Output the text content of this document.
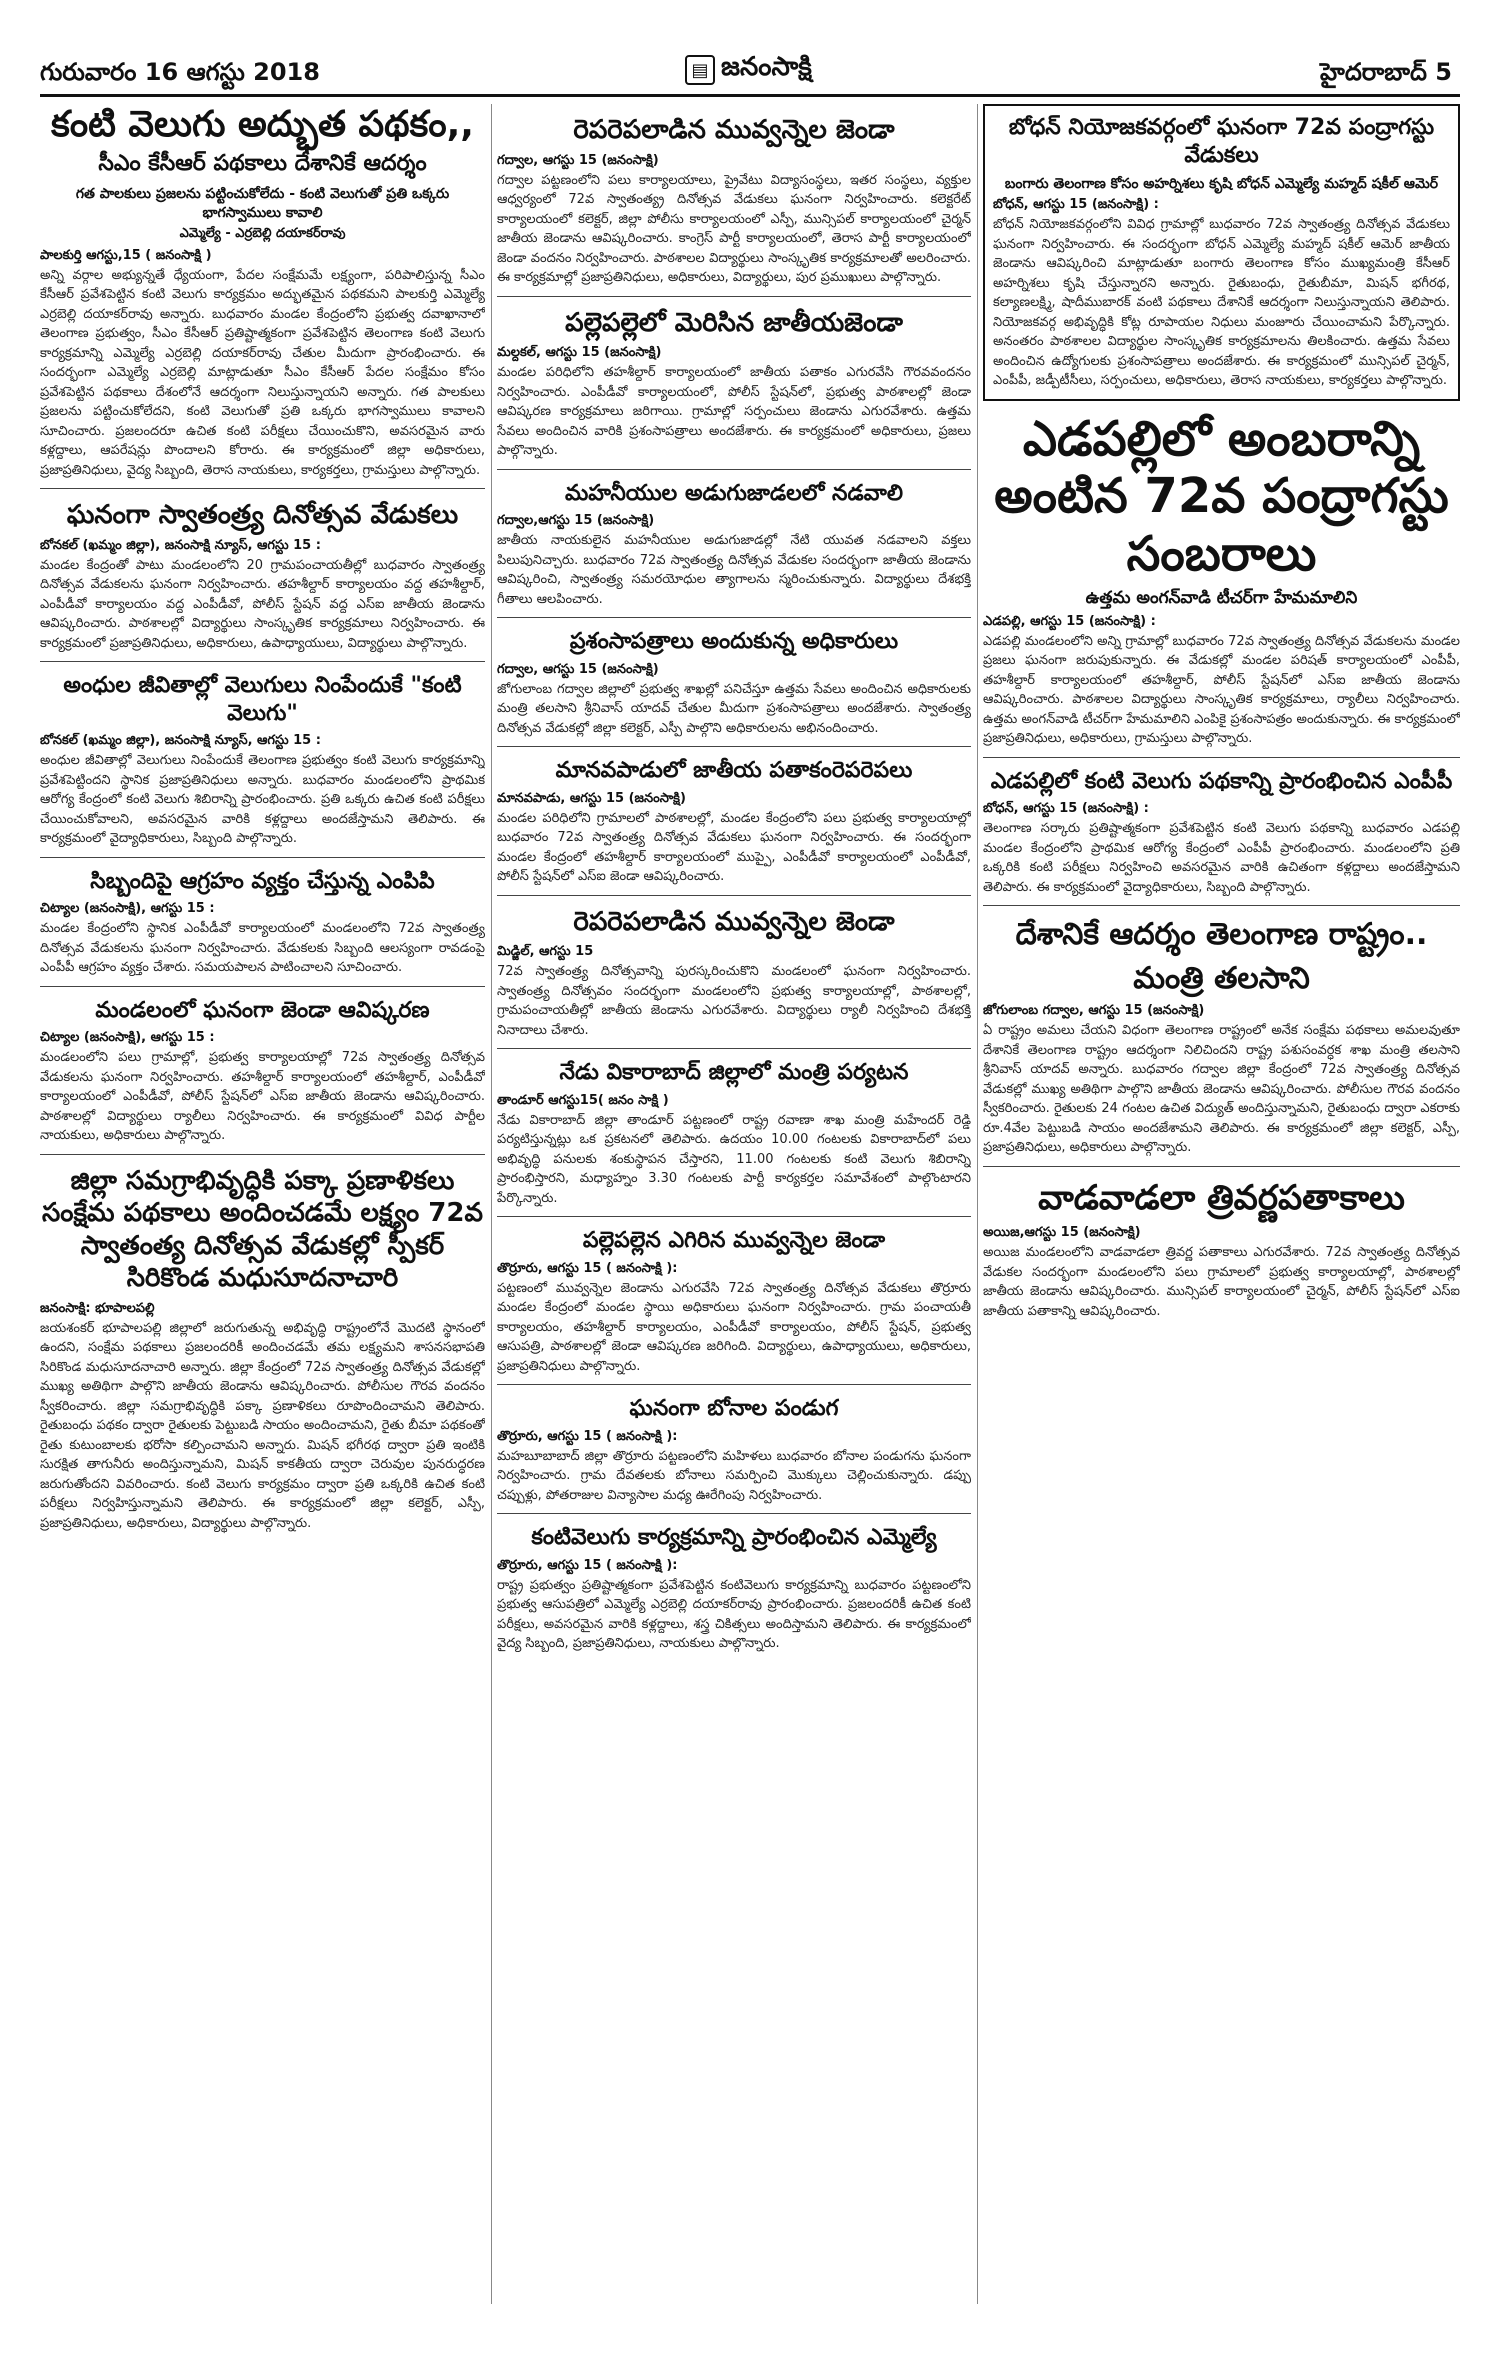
గురువారం 16 ఆగస్టు 2018	▤ జనంసాక్షి	హైదరాబాద్ 5
కంటి వెలుగు అద్భుత పథకం,,
సీఎం కేసీఆర్ పథకాలు దేశానికే ఆదర్శం
గత పాలకులు ప్రజలను పట్టించుకోలేదు - కంటి వెలుగుతో ప్రతి ఒక్కరు భాగస్వాములు కావాలి
ఎమ్మెల్యే - ఎర్రబెల్లి దయాకర్‌రావు
పాలకుర్తి ఆగస్టు,15 ( జనంసాక్షి )
అన్ని వర్గాల అభ్యున్నతే ధ్యేయంగా, పేదల సంక్షేమమే లక్ష్యంగా, పరిపాలిస్తున్న సీఎం కేసీఆర్ ప్రవేశపెట్టిన కంటి వెలుగు కార్యక్రమం అద్భుతమైన పథకమని పాలకుర్తి ఎమ్మెల్యే ఎర్రబెల్లి దయాకర్‌రావు అన్నారు. బుధవారం మండల కేంద్రంలోని ప్రభుత్వ దవాఖానాలో తెలంగాణ ప్రభుత్వం, సీఎం కేసీఆర్ ప్రతిష్టాత్మకంగా ప్రవేశపెట్టిన తెలంగాణ కంటి వెలుగు కార్యక్రమాన్ని ఎమ్మెల్యే ఎర్రబెల్లి దయాకర్‌రావు చేతుల మీదుగా ప్రారంభించారు. ఈ సందర్భంగా ఎమ్మెల్యే ఎర్రబెల్లి మాట్లాడుతూ సీఎం కేసీఆర్ పేదల సంక్షేమం కోసం ప్రవేశపెట్టిన పథకాలు దేశంలోనే ఆదర్శంగా నిలుస్తున్నాయని అన్నారు. గత పాలకులు ప్రజలను పట్టించుకోలేదని, కంటి వెలుగుతో ప్రతి ఒక్కరు భాగస్వాములు కావాలని సూచించారు. ప్రజలందరూ ఉచిత కంటి పరీక్షలు చేయించుకొని, అవసరమైన వారు కళ్లద్దాలు, ఆపరేషన్లు పొందాలని కోరారు. ఈ కార్యక్రమంలో జిల్లా అధికారులు, ప్రజాప్రతినిధులు, వైద్య సిబ్బంది, తెరాస నాయకులు, కార్యకర్తలు, గ్రామస్తులు పాల్గొన్నారు.
ఘనంగా స్వాతంత్ర్య దినోత్సవ వేడుకలు
బోనకల్ (ఖమ్మం జిల్లా), జనంసాక్షి న్యూస్, ఆగస్టు 15 :
మండల కేంద్రంతో పాటు మండలంలోని 20 గ్రామపంచాయతీల్లో బుధవారం స్వాతంత్ర్య దినోత్సవ వేడుకలను ఘనంగా నిర్వహించారు. తహశీల్దార్ కార్యాలయం వద్ద తహశీల్దార్, ఎంపీడీవో కార్యాలయం వద్ద ఎంపీడీవో, పోలీస్ స్టేషన్ వద్ద ఎస్ఐ జాతీయ జెండాను ఆవిష్కరించారు. పాఠశాలల్లో విద్యార్థులు సాంస్కృతిక కార్యక్రమాలు నిర్వహించారు. ఈ కార్యక్రమంలో ప్రజాప్రతినిధులు, అధికారులు, ఉపాధ్యాయులు, విద్యార్థులు పాల్గొన్నారు.
అంధుల జీవితాల్లో వెలుగులు నింపేందుకే "కంటి వెలుగు"
బోనకల్ (ఖమ్మం జిల్లా), జనంసాక్షి న్యూస్, ఆగస్టు 15 :
అంధుల జీవితాల్లో వెలుగులు నింపేందుకే తెలంగాణ ప్రభుత్వం కంటి వెలుగు కార్యక్రమాన్ని ప్రవేశపెట్టిందని స్థానిక ప్రజాప్రతినిధులు అన్నారు. బుధవారం మండలంలోని ప్రాథమిక ఆరోగ్య కేంద్రంలో కంటి వెలుగు శిబిరాన్ని ప్రారంభించారు. ప్రతి ఒక్కరు ఉచిత కంటి పరీక్షలు చేయించుకోవాలని, అవసరమైన వారికి కళ్లద్దాలు అందజేస్తామని తెలిపారు. ఈ కార్యక్రమంలో వైద్యాధికారులు, సిబ్బంది పాల్గొన్నారు.
సిబ్బందిపై ఆగ్రహం వ్యక్తం చేస్తున్న ఎంపిపి
చిట్యాల (జనంసాక్షి), ఆగస్టు 15 :
మండల కేంద్రంలోని స్థానిక ఎంపీడీవో కార్యాలయంలో మండలంలోని 72వ స్వాతంత్ర్య దినోత్సవ వేడుకలను ఘనంగా నిర్వహించారు. వేడుకలకు సిబ్బంది ఆలస్యంగా రావడంపై ఎంపీపీ ఆగ్రహం వ్యక్తం చేశారు. సమయపాలన పాటించాలని సూచించారు.
మండలంలో ఘనంగా జెండా ఆవిష్కరణ
చిట్యాల (జనంసాక్షి), ఆగస్టు 15 :
మండలంలోని పలు గ్రామాల్లో, ప్రభుత్వ కార్యాలయాల్లో 72వ స్వాతంత్ర్య దినోత్సవ వేడుకలను ఘనంగా నిర్వహించారు. తహశీల్దార్ కార్యాలయంలో తహశీల్దార్, ఎంపీడీవో కార్యాలయంలో ఎంపీడీవో, పోలీస్ స్టేషన్‌లో ఎస్ఐ జాతీయ జెండాను ఆవిష్కరించారు. పాఠశాలల్లో విద్యార్థులు ర్యాలీలు నిర్వహించారు. ఈ కార్యక్రమంలో వివిధ పార్టీల నాయకులు, అధికారులు పాల్గొన్నారు.
జిల్లా సమగ్రాభివృద్ధికి పక్కా ప్రణాళికలు సంక్షేమ పథకాలు అందించడమే లక్ష్యం 72వ స్వాతంత్య దినోత్సవ వేడుకల్లో స్పీకర్ సిరికొండ మధుసూదనాచారి
జనంసాక్షి: భూపాలపల్లి
జయశంకర్ భూపాలపల్లి జిల్లాలో జరుగుతున్న అభివృద్ధి రాష్ట్రంలోనే మొదటి స్థానంలో ఉందని, సంక్షేమ పథకాలు ప్రజలందరికీ అందించడమే తమ లక్ష్యమని శాసనసభాపతి సిరికొండ మధుసూదనాచారి అన్నారు. జిల్లా కేంద్రంలో 72వ స్వాతంత్ర్య దినోత్సవ వేడుకల్లో ముఖ్య అతిథిగా పాల్గొని జాతీయ జెండాను ఆవిష్కరించారు. పోలీసుల గౌరవ వందనం స్వీకరించారు. జిల్లా సమగ్రాభివృద్ధికి పక్కా ప్రణాళికలు రూపొందించామని తెలిపారు. రైతుబంధు పథకం ద్వారా రైతులకు పెట్టుబడి సాయం అందించామని, రైతు బీమా పథకంతో రైతు కుటుంబాలకు భరోసా కల్పించామని అన్నారు. మిషన్ భగీరథ ద్వారా ప్రతి ఇంటికి సురక్షిత తాగునీరు అందిస్తున్నామని, మిషన్ కాకతీయ ద్వారా చెరువుల పునరుద్ధరణ జరుగుతోందని వివరించారు. కంటి వెలుగు కార్యక్రమం ద్వారా ప్రతి ఒక్కరికి ఉచిత కంటి పరీక్షలు నిర్వహిస్తున్నామని తెలిపారు. ఈ కార్యక్రమంలో జిల్లా కలెక్టర్, ఎస్పీ, ప్రజాప్రతినిధులు, అధికారులు, విద్యార్థులు పాల్గొన్నారు.
రెపరెపలాడిన మువ్వన్నెల జెండా
గద్వాల, ఆగస్టు 15 (జనంసాక్షి)
గద్వాల పట్టణంలోని పలు కార్యాలయాలు, ప్రైవేటు విద్యాసంస్థలు, ఇతర సంస్థలు, వ్యక్తుల ఆధ్వర్యంలో 72వ స్వాతంత్య్ర దినోత్సవ వేడుకలు ఘనంగా నిర్వహించారు. కలెక్టరేట్ కార్యాలయంలో కలెక్టర్, జిల్లా పోలీసు కార్యాలయంలో ఎస్పీ, మున్సిపల్ కార్యాలయంలో చైర్మన్ జాతీయ జెండాను ఆవిష్కరించారు. కాంగ్రెస్ పార్టీ కార్యాలయంలో, తెరాస పార్టీ కార్యాలయంలో జెండా వందనం నిర్వహించారు. పాఠశాలల విద్యార్థులు సాంస్కృతిక కార్యక్రమాలతో అలరించారు. ఈ కార్యక్రమాల్లో ప్రజాప్రతినిధులు, అధికారులు, విద్యార్థులు, పుర ప్రముఖులు పాల్గొన్నారు.
పల్లెపల్లెలో మెరిసిన జాతీయజెండా
మల్దకల్, ఆగస్టు 15 (జనంసాక్షి)
మండల పరిధిలోని తహశీల్దార్ కార్యాలయంలో జాతీయ పతాకం ఎగురవేసి గౌరవవందనం నిర్వహించారు. ఎంపీడీవో కార్యాలయంలో, పోలీస్ స్టేషన్‌లో, ప్రభుత్వ పాఠశాలల్లో జెండా ఆవిష్కరణ కార్యక్రమాలు జరిగాయి. గ్రామాల్లో సర్పంచులు జెండాను ఎగురవేశారు. ఉత్తమ సేవలు అందించిన వారికి ప్రశంసాపత్రాలు అందజేశారు. ఈ కార్యక్రమంలో అధికారులు, ప్రజలు పాల్గొన్నారు.
మహనీయుల అడుగుజాడలలో నడవాలి
గద్వాల,ఆగస్టు 15 (జనంసాక్షి)
జాతీయ నాయకులైన మహనీయుల అడుగుజాడల్లో నేటి యువత నడవాలని వక్తలు పిలుపునిచ్చారు. బుధవారం 72వ స్వాతంత్ర్య దినోత్సవ వేడుకల సందర్భంగా జాతీయ జెండాను ఆవిష్కరించి, స్వాతంత్ర్య సమరయోధుల త్యాగాలను స్మరించుకున్నారు. విద్యార్థులు దేశభక్తి గీతాలు ఆలపించారు.
ప్రశంసాపత్రాలు అందుకున్న అధికారులు
గద్వాల, ఆగస్టు 15 (జనంసాక్షి)
జోగులాంబ గద్వాల జిల్లాలో ప్రభుత్వ శాఖల్లో పనిచేస్తూ ఉత్తమ సేవలు అందించిన అధికారులకు మంత్రి తలసాని శ్రీనివాస్ యాదవ్ చేతుల మీదుగా ప్రశంసాపత్రాలు అందజేశారు. స్వాతంత్ర్య దినోత్సవ వేడుకల్లో జిల్లా కలెక్టర్, ఎస్పీ పాల్గొని అధికారులను అభినందించారు.
మానవపాడులో జాతీయ పతాకంరెపరెపలు
మానవపాడు, ఆగస్టు 15 (జనంసాక్షి)
మండల పరిధిలోని గ్రామాలలో పాఠశాలల్లో, మండల కేంద్రంలోని పలు ప్రభుత్వ కార్యాలయాల్లో బుధవారం 72వ స్వాతంత్ర్య దినోత్సవ వేడుకలు ఘనంగా నిర్వహించారు. ఈ సందర్భంగా మండల కేంద్రంలో తహశీల్దార్ కార్యాలయంలో ముప్పై, ఎంపీడీవో కార్యాలయంలో ఎంపీడీవో, పోలీస్ స్టేషన్‌లో ఎస్ఐ జెండా ఆవిష్కరించారు.
రెపరెపలాడిన మువ్వన్నెల జెండా
మిడ్జిల్, ఆగస్టు 15
72వ స్వాతంత్ర్య దినోత్సవాన్ని పురస్కరించుకొని మండలంలో ఘనంగా నిర్వహించారు. స్వాతంత్ర్య దినోత్సవం సందర్భంగా మండలంలోని ప్రభుత్వ కార్యాలయాల్లో, పాఠశాలల్లో, గ్రామపంచాయతీల్లో జాతీయ జెండాను ఎగురవేశారు. విద్యార్థులు ర్యాలీ నిర్వహించి దేశభక్తి నినాదాలు చేశారు.
నేడు వికారాబాద్ జిల్లాలో మంత్రి పర్యటన
తాండూర్ ఆగస్టు15( జనం సాక్షి )
నేడు వికారాబాద్ జిల్లా తాండూర్ పట్టణంలో రాష్ట్ర రవాణా శాఖ మంత్రి మహేందర్ రెడ్డి పర్యటిస్తున్నట్లు ఒక ప్రకటనలో తెలిపారు. ఉదయం 10.00 గంటలకు వికారాబాద్‌లో పలు అభివృద్ధి పనులకు శంకుస్థాపన చేస్తారని, 11.00 గంటలకు కంటి వెలుగు శిబిరాన్ని ప్రారంభిస్తారని, మధ్యాహ్నం 3.30 గంటలకు పార్టీ కార్యకర్తల సమావేశంలో పాల్గొంటారని పేర్కొన్నారు.
పల్లెపల్లెన ఎగిరిన మువ్వన్నెల జెండా
తొర్రూరు, ఆగస్టు 15 ( జనంసాక్షి ):
పట్టణంలో మువ్వన్నెల జెండాను ఎగురవేసి 72వ స్వాతంత్ర్య దినోత్సవ వేడుకలు తొర్రూరు మండల కేంద్రంలో మండల స్థాయి అధికారులు ఘనంగా నిర్వహించారు. గ్రామ పంచాయతీ కార్యాలయం, తహశీల్దార్ కార్యాలయం, ఎంపీడీవో కార్యాలయం, పోలీస్ స్టేషన్, ప్రభుత్వ ఆసుపత్రి, పాఠశాలల్లో జెండా ఆవిష్కరణ జరిగింది. విద్యార్థులు, ఉపాధ్యాయులు, అధికారులు, ప్రజాప్రతినిధులు పాల్గొన్నారు.
ఘనంగా బోనాల పండుగ
తొర్రూరు, ఆగస్టు 15 ( జనంసాక్షి ):
మహబూబాబాద్ జిల్లా తొర్రూరు పట్టణంలోని మహిళలు బుధవారం బోనాల పండుగను ఘనంగా నిర్వహించారు. గ్రామ దేవతలకు బోనాలు సమర్పించి మొక్కులు చెల్లించుకున్నారు. డప్పు చప్పుళ్లు, పోతరాజుల విన్యాసాల మధ్య ఊరేగింపు నిర్వహించారు.
కంటివెలుగు కార్యక్రమాన్ని ప్రారంభించిన ఎమ్మెల్యే
తొర్రూరు, ఆగస్టు 15 ( జనంసాక్షి ):
రాష్ట్ర ప్రభుత్వం ప్రతిష్టాత్మకంగా ప్రవేశపెట్టిన కంటివెలుగు కార్యక్రమాన్ని బుధవారం పట్టణంలోని ప్రభుత్వ ఆసుపత్రిలో ఎమ్మెల్యే ఎర్రబెల్లి దయాకర్‌రావు ప్రారంభించారు. ప్రజలందరికీ ఉచిత కంటి పరీక్షలు, అవసరమైన వారికి కళ్లద్దాలు, శస్త్ర చికిత్సలు అందిస్తామని తెలిపారు. ఈ కార్యక్రమంలో వైద్య సిబ్బంది, ప్రజాప్రతినిధులు, నాయకులు పాల్గొన్నారు.
బోధన్ నియోజకవర్గంలో ఘనంగా 72వ పంద్రాగస్టు వేడుకలు
బంగారు తెలంగాణ కోసం అహర్నిశలు కృషి బోధన్ ఎమ్మెల్యే మహ్మద్ షకీల్ ఆమెర్
బోధన్, ఆగస్టు 15 (జనంసాక్షి) :
బోధన్ నియోజకవర్గంలోని వివిధ గ్రామాల్లో బుధవారం 72వ స్వాతంత్ర్య దినోత్సవ వేడుకలు ఘనంగా నిర్వహించారు. ఈ సందర్భంగా బోధన్ ఎమ్మెల్యే మహ్మద్ షకీల్ ఆమెర్ జాతీయ జెండాను ఆవిష్కరించి మాట్లాడుతూ బంగారు తెలంగాణ కోసం ముఖ్యమంత్రి కేసీఆర్ అహర్నిశలు కృషి చేస్తున్నారని అన్నారు. రైతుబంధు, రైతుబీమా, మిషన్ భగీరథ, కల్యాణలక్ష్మి, షాదీముబారక్ వంటి పథకాలు దేశానికే ఆదర్శంగా నిలుస్తున్నాయని తెలిపారు. నియోజకవర్గ అభివృద్ధికి కోట్ల రూపాయల నిధులు మంజూరు చేయించామని పేర్కొన్నారు. అనంతరం పాఠశాలల విద్యార్థుల సాంస్కృతిక కార్యక్రమాలను తిలకించారు. ఉత్తమ సేవలు అందించిన ఉద్యోగులకు ప్రశంసాపత్రాలు అందజేశారు. ఈ కార్యక్రమంలో మున్సిపల్ చైర్మన్, ఎంపీపీ, జడ్పీటీసీలు, సర్పంచులు, అధికారులు, తెరాస నాయకులు, కార్యకర్తలు పాల్గొన్నారు.
ఎడపల్లిలో అంబరాన్ని అంటిన 72వ పంద్రాగస్టు సంబరాలు
ఉత్తమ అంగన్‌వాడి టీచర్‌గా హేమమాలిని
ఎడపల్లి, ఆగస్టు 15 (జనంసాక్షి) :
ఎడపల్లి మండలంలోని అన్ని గ్రామాల్లో బుధవారం 72వ స్వాతంత్ర్య దినోత్సవ వేడుకలను మండల ప్రజలు ఘనంగా జరుపుకున్నారు. ఈ వేడుకల్లో మండల పరిషత్ కార్యాలయంలో ఎంపీపీ, తహశీల్దార్ కార్యాలయంలో తహశీల్దార్, పోలీస్ స్టేషన్‌లో ఎస్ఐ జాతీయ జెండాను ఆవిష్కరించారు. పాఠశాలల విద్యార్థులు సాంస్కృతిక కార్యక్రమాలు, ర్యాలీలు నిర్వహించారు. ఉత్తమ అంగన్‌వాడి టీచర్‌గా హేమమాలిని ఎంపికై ప్రశంసాపత్రం అందుకున్నారు. ఈ కార్యక్రమంలో ప్రజాప్రతినిధులు, అధికారులు, గ్రామస్తులు పాల్గొన్నారు.
ఎడపల్లిలో కంటి వెలుగు పథకాన్ని ప్రారంభించిన ఎంపీపీ
బోధన్, ఆగస్టు 15 (జనంసాక్షి) :
తెలంగాణ సర్కారు ప్రతిష్టాత్మకంగా ప్రవేశపెట్టిన కంటి వెలుగు పథకాన్ని బుధవారం ఎడపల్లి మండల కేంద్రంలోని ప్రాథమిక ఆరోగ్య కేంద్రంలో ఎంపీపీ ప్రారంభించారు. మండలంలోని ప్రతి ఒక్కరికి కంటి పరీక్షలు నిర్వహించి అవసరమైన వారికి ఉచితంగా కళ్లద్దాలు అందజేస్తామని తెలిపారు. ఈ కార్యక్రమంలో వైద్యాధికారులు, సిబ్బంది పాల్గొన్నారు.
దేశానికే ఆదర్శం తెలంగాణ రాష్ట్రం..
మంత్రి తలసాని
జోగులాంబ గద్వాల, ఆగస్టు 15 (జనంసాక్షి)
ఏ రాష్ట్రం అమలు చేయని విధంగా తెలంగాణ రాష్ట్రంలో అనేక సంక్షేమ పథకాలు అమలవుతూ దేశానికే తెలంగాణ రాష్ట్రం ఆదర్శంగా నిలిచిందని రాష్ట్ర పశుసంవర్ధక శాఖ మంత్రి తలసాని శ్రీనివాస్ యాదవ్ అన్నారు. బుధవారం గద్వాల జిల్లా కేంద్రంలో 72వ స్వాతంత్ర్య దినోత్సవ వేడుకల్లో ముఖ్య అతిథిగా పాల్గొని జాతీయ జెండాను ఆవిష్కరించారు. పోలీసుల గౌరవ వందనం స్వీకరించారు. రైతులకు 24 గంటల ఉచిత విద్యుత్ అందిస్తున్నామని, రైతుబంధు ద్వారా ఎకరాకు రూ.4వేల పెట్టుబడి సాయం అందజేశామని తెలిపారు. ఈ కార్యక్రమంలో జిల్లా కలెక్టర్, ఎస్పీ, ప్రజాప్రతినిధులు, అధికారులు పాల్గొన్నారు.
వాడవాడలా త్రివర్ణపతాకాలు
అయిజ,ఆగస్టు 15 (జనంసాక్షి)
అయిజ మండలంలోని వాడవాడలా త్రివర్ణ పతాకాలు ఎగురవేశారు. 72వ స్వాతంత్ర్య దినోత్సవ వేడుకల సందర్భంగా మండలంలోని పలు గ్రామాలలో ప్రభుత్వ కార్యాలయాల్లో, పాఠశాలల్లో జాతీయ జెండాను ఆవిష్కరించారు. మున్సిపల్ కార్యాలయంలో చైర్మన్, పోలీస్ స్టేషన్‌లో ఎస్ఐ జాతీయ పతాకాన్ని ఆవిష్కరించారు.
